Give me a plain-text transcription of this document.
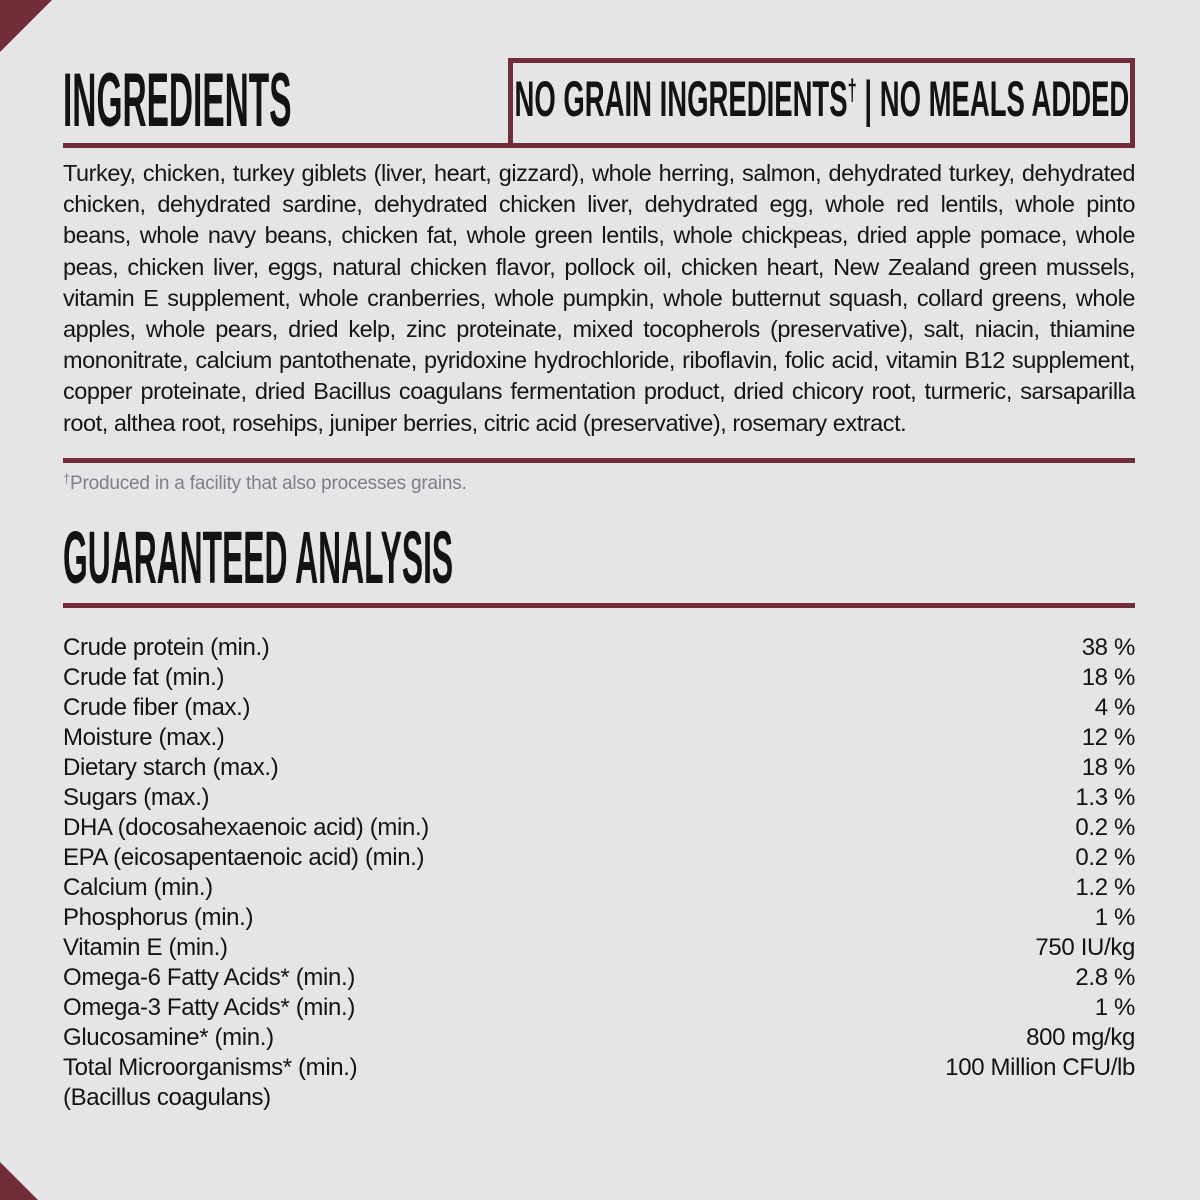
INGREDIENTS	NO GRAIN INGREDIENTS† | NO MEALS ADDED
Turkey, chicken, turkey giblets (liver, heart, gizzard), whole herring, salmon, dehydrated turkey, dehydrated chicken, dehydrated sardine, dehydrated chicken liver, dehydrated egg, whole red lentils, whole pinto beans, whole navy beans, chicken fat, whole green lentils, whole chickpeas, dried apple pomace, whole peas, chicken liver, eggs, natural chicken flavor, pollock oil, chicken heart, New Zealand green mussels, vitamin E supplement, whole cranberries, whole pumpkin, whole butternut squash, collard greens, whole apples, whole pears, dried kelp, zinc proteinate, mixed tocopherols (preservative), salt, niacin, thiamine mononitrate, calcium pantothenate, pyridoxine hydrochloride, riboflavin, folic acid, vitamin B12 supplement, copper proteinate, dried Bacillus coagulans fermentation product, dried chicory root, turmeric, sarsaparilla root, althea root, rosehips, juniper berries, citric acid (preservative), rosemary extract.
†Produced in a facility that also processes grains.
GUARANTEED ANALYSIS
Crude protein (min.)	38 %
Crude fat (min.)	18 %
Crude fiber (max.)	4 %
Moisture (max.)	12 %
Dietary starch (max.)	18 %
Sugars (max.)	1.3 %
DHA (docosahexaenoic acid) (min.)	0.2 %
EPA (eicosapentaenoic acid) (min.)	0.2 %
Calcium (min.)	1.2 %
Phosphorus (min.)	1 %
Vitamin E (min.)	750 IU/kg
Omega-6 Fatty Acids* (min.)	2.8 %
Omega-3 Fatty Acids* (min.)	1 %
Glucosamine* (min.)	800 mg/kg
Total Microorganisms* (min.)	100 Million CFU/lb
(Bacillus coagulans)
